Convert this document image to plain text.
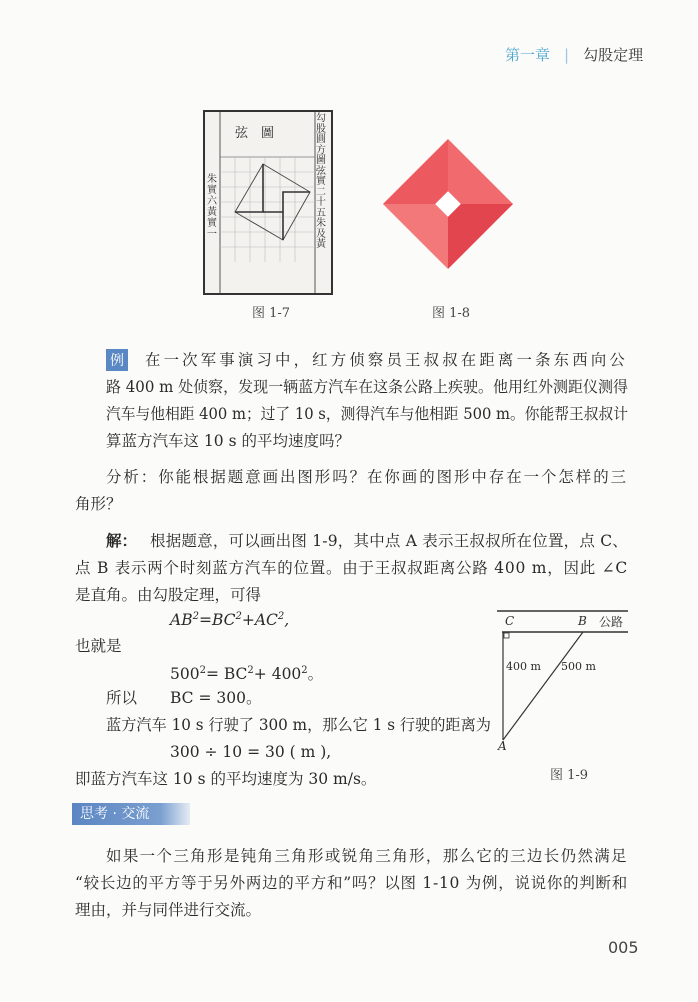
第一章 | 勾股定理
弦　圖
勾股圓方圖　弦實二十五朱及黃
朱實六黃實一
图 1-7	图 1-8
例 在一次军事演习中，红方侦察员王叔叔在距离一条东西向公
路 400 m 处侦察，发现一辆蓝方汽车在这条公路上疾驶。他用红外测距仪测得
汽车与他相距 400 m；过了 10 s，测得汽车与他相距 500 m。你能帮王叔叔计
算蓝方汽车这 10 s 的平均速度吗？
分析：你能根据题意画出图形吗？在你画的图形中存在一个怎样的三
角形？
解： 根据题意，可以画出图 1-9，其中点 A 表示王叔叔所在位置，点 C、
点 B 表示两个时刻蓝方汽车的位置。由于王叔叔距离公路 400 m，因此 ∠C
是直角。由勾股定理，可得
$AB^2=BC^2+AC^2$,
也就是
$500^2= BC^2+ 400^2$。
所以 BC = 300。
蓝方汽车 10 s 行驶了 300 m，那么它 1 s 行驶的距离为
300 ÷ 10 = 30 ( m ),
即蓝方汽车这 10 s 的平均速度为 30 m/s。
C	B 公路
400 m 500 m
A
图 1-9
思考 · 交流
如果一个三角形是钝角三角形或锐角三角形，那么它的三边长仍然满足
“较长边的平方等于另外两边的平方和”吗？以图 1-10 为例，说说你的判断和
理由，并与同伴进行交流。
005
